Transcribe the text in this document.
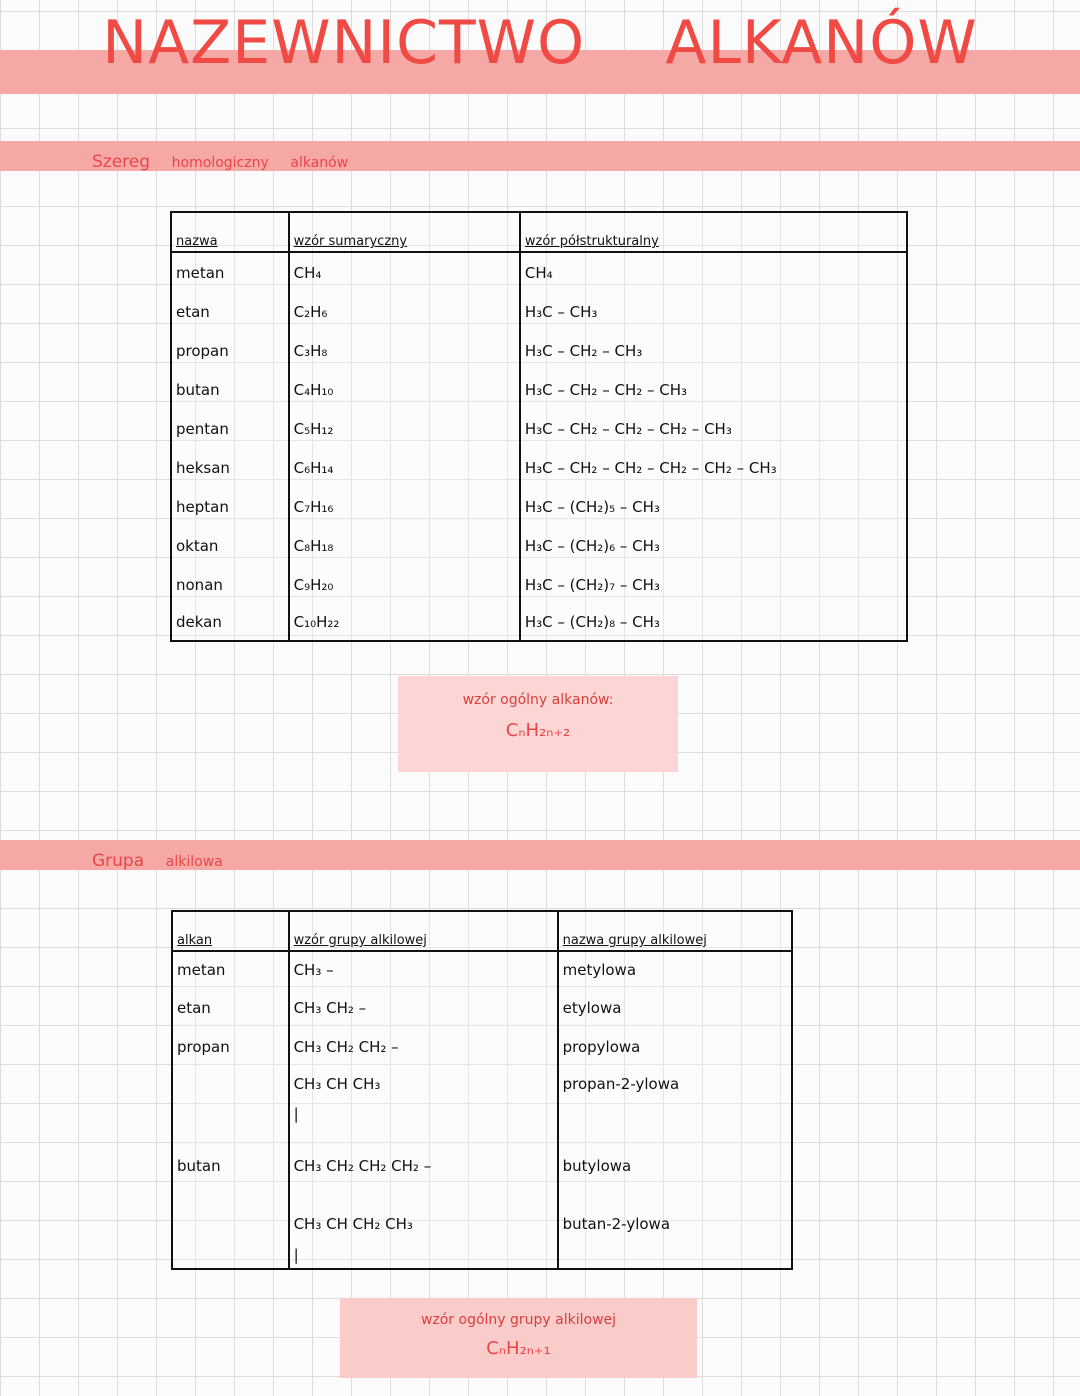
NAZEWNICTWO ALKANÓW
Szereg homologiczny alkanów
nazwa	wzór sumaryczny	wzór półstrukturalny
metan	CH₄	CH₄
etan	C₂H₆	H₃C – CH₃
propan	C₃H₈	H₃C – CH₂ – CH₃
butan	C₄H₁₀	H₃C – CH₂ – CH₂ – CH₃
pentan	C₅H₁₂	H₃C – CH₂ – CH₂ – CH₂ – CH₃
heksan	C₆H₁₄	H₃C – CH₂ – CH₂ – CH₂ – CH₂ – CH₃
heptan	C₇H₁₆	H₃C – (CH₂)₅ – CH₃
oktan	C₈H₁₈	H₃C – (CH₂)₆ – CH₃
nonan	C₉H₂₀	H₃C – (CH₂)₇ – CH₃
dekan	C₁₀H₂₂	H₃C – (CH₂)₈ – CH₃
wzór ogólny alkanów:
CₙH₂ₙ₊₂
Grupa alkilowa
alkan	wzór grupy alkilowej	nazwa grupy alkilowej
metan	CH₃ –	metylowa
etan	CH₃ CH₂ –	etylowa
propan	CH₃ CH₂ CH₂ –	propylowa
	CH₃ CH CH₃	propan-2-ylowa
	|	
butan	CH₃ CH₂ CH₂ CH₂ –	butylowa
	CH₃ CH CH₂ CH₃	butan-2-ylowa
	|	
wzór ogólny grupy alkilowej
CₙH₂ₙ₊₁
